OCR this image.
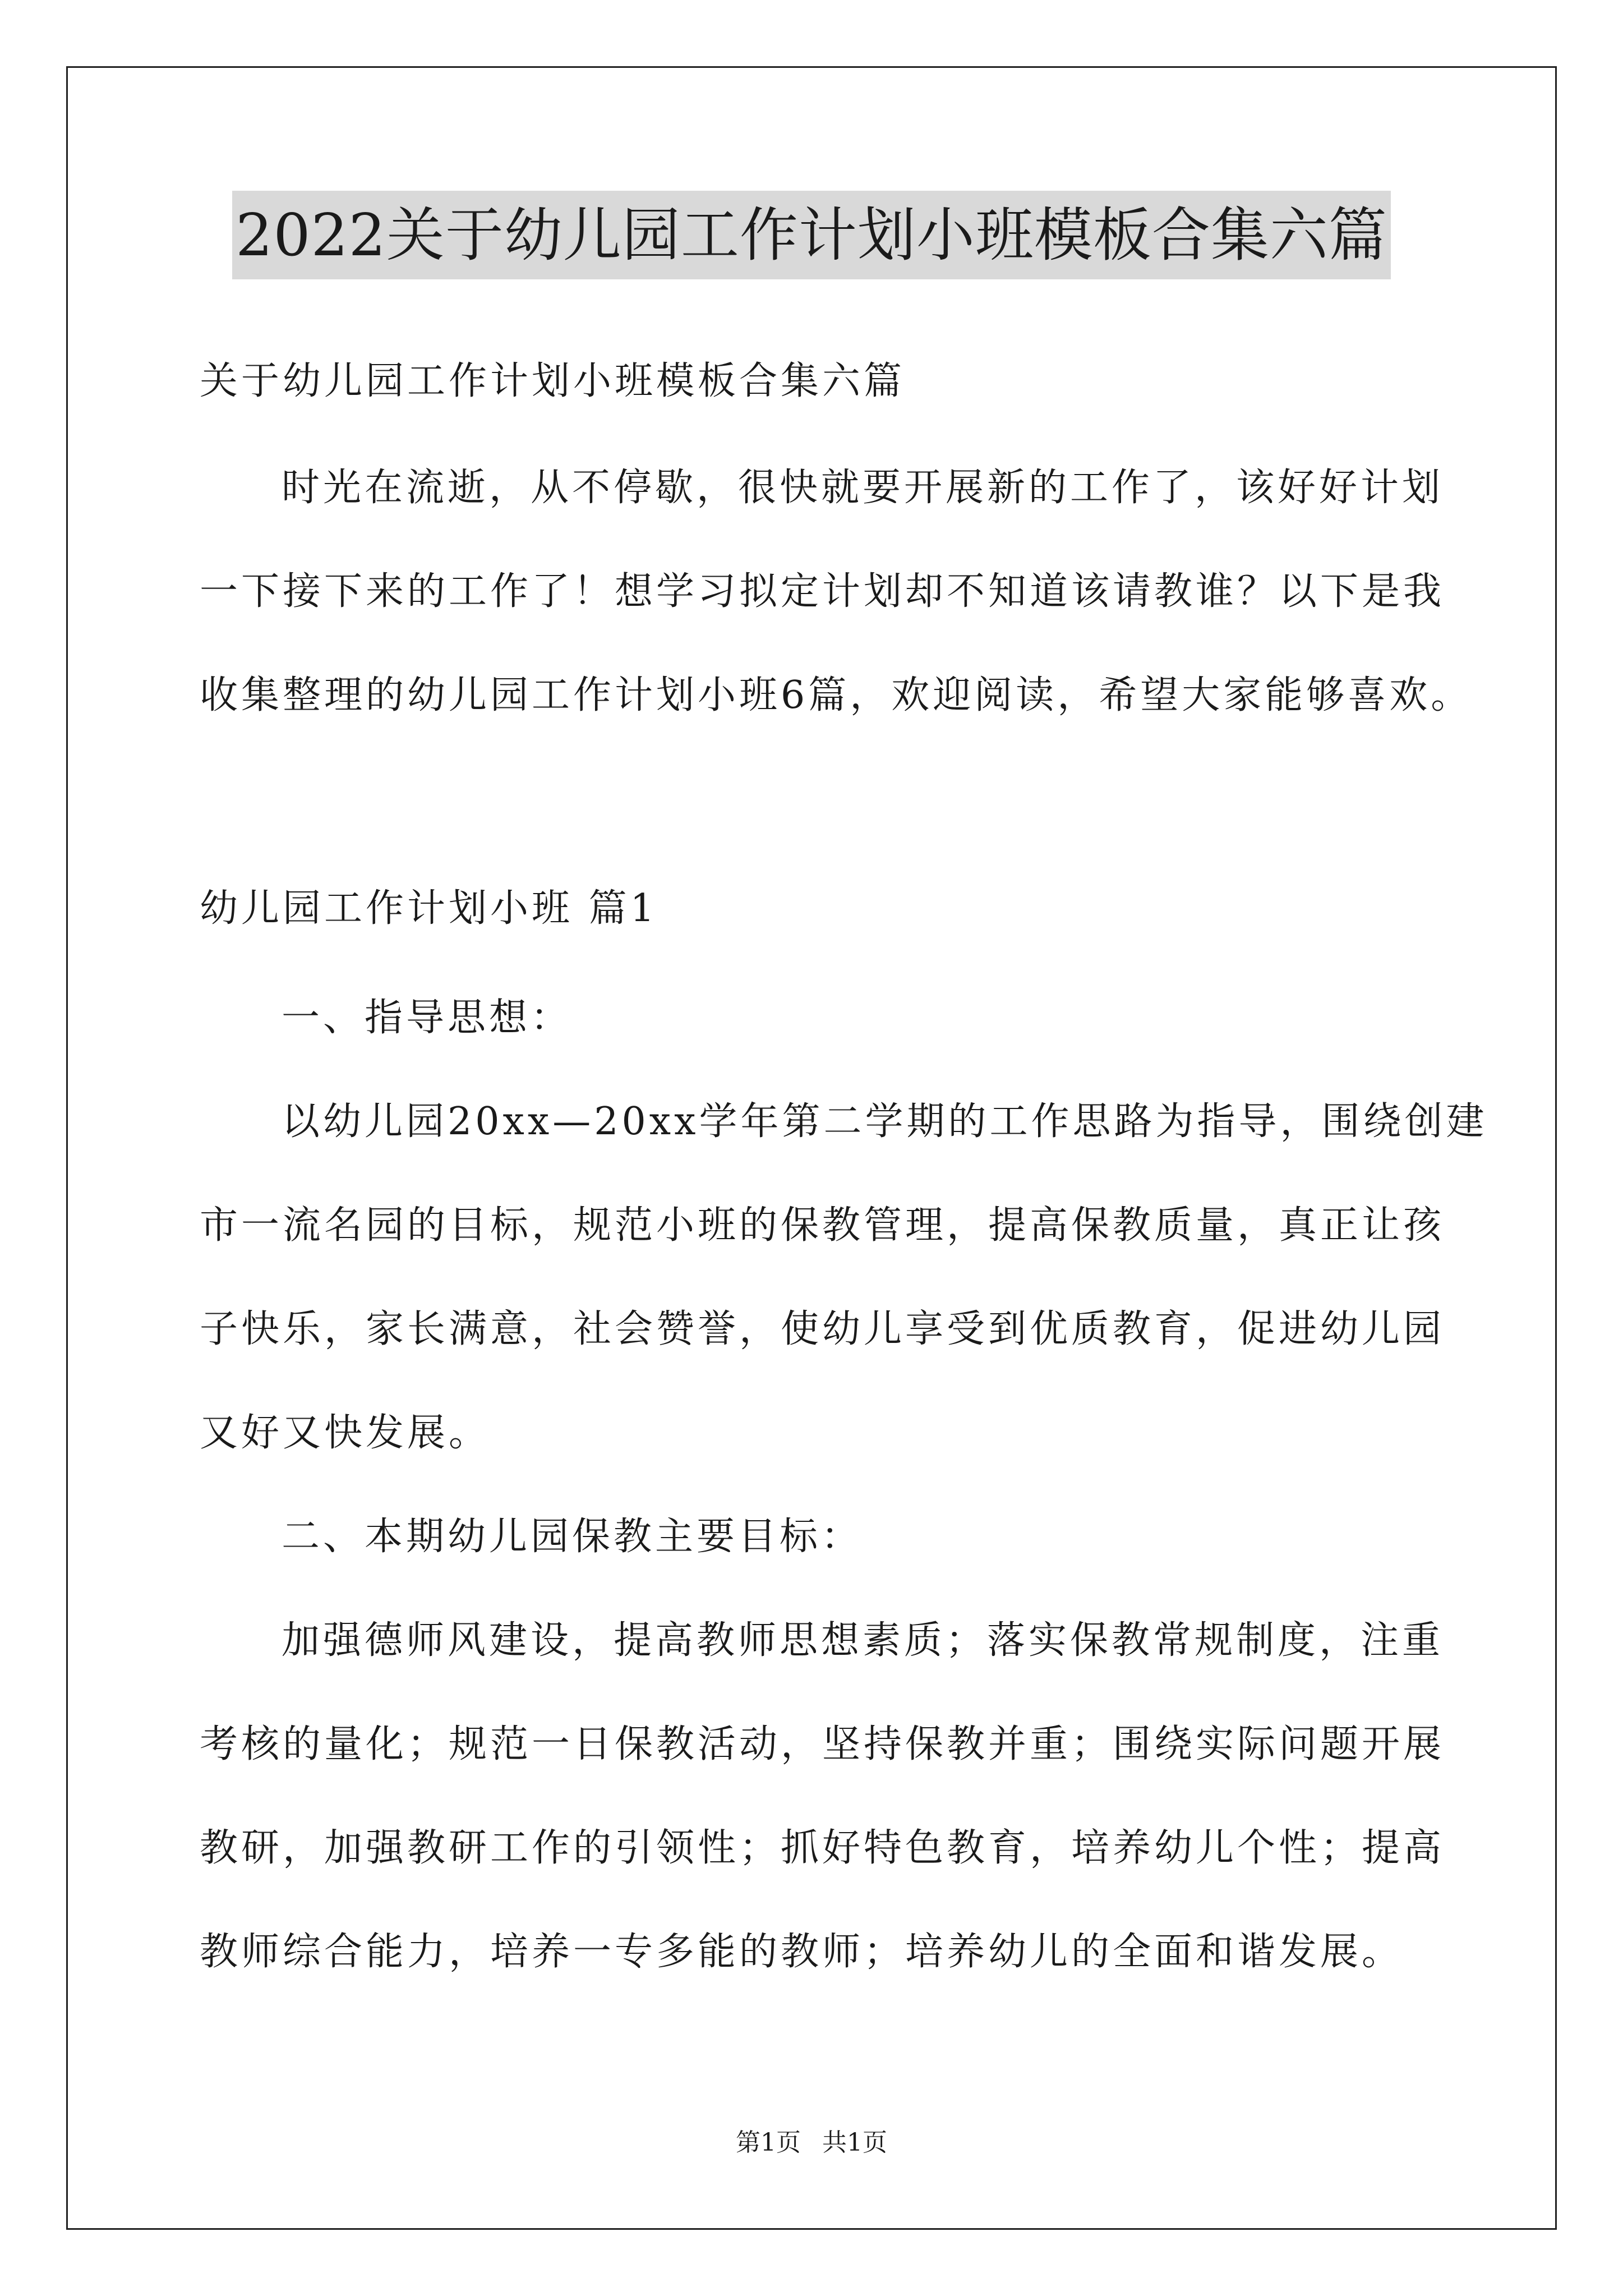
2022关于幼儿园工作计划小班模板合集六篇
关于幼儿园工作计划小班模板合集六篇
时光在流逝，从不停歇，很快就要开展新的工作了，该好好计划
一下接下来的工作了！想学习拟定计划却不知道该请教谁？以下是我
收集整理的幼儿园工作计划小班6篇，欢迎阅读，希望大家能够喜欢。
幼儿园工作计划小班 篇1
一、指导思想：
以幼儿园20xx—20xx学年第二学期的工作思路为指导，围绕创建
市一流名园的目标，规范小班的保教管理，提高保教质量，真正让孩
子快乐，家长满意，社会赞誉，使幼儿享受到优质教育，促进幼儿园
又好又快发展。
二、本期幼儿园保教主要目标：
加强德师风建设，提高教师思想素质；落实保教常规制度，注重
考核的量化；规范一日保教活动，坚持保教并重；围绕实际问题开展
教研，加强教研工作的引领性；抓好特色教育，培养幼儿个性；提高
教师综合能力，培养一专多能的教师；培养幼儿的全面和谐发展。
第1页 共1页
